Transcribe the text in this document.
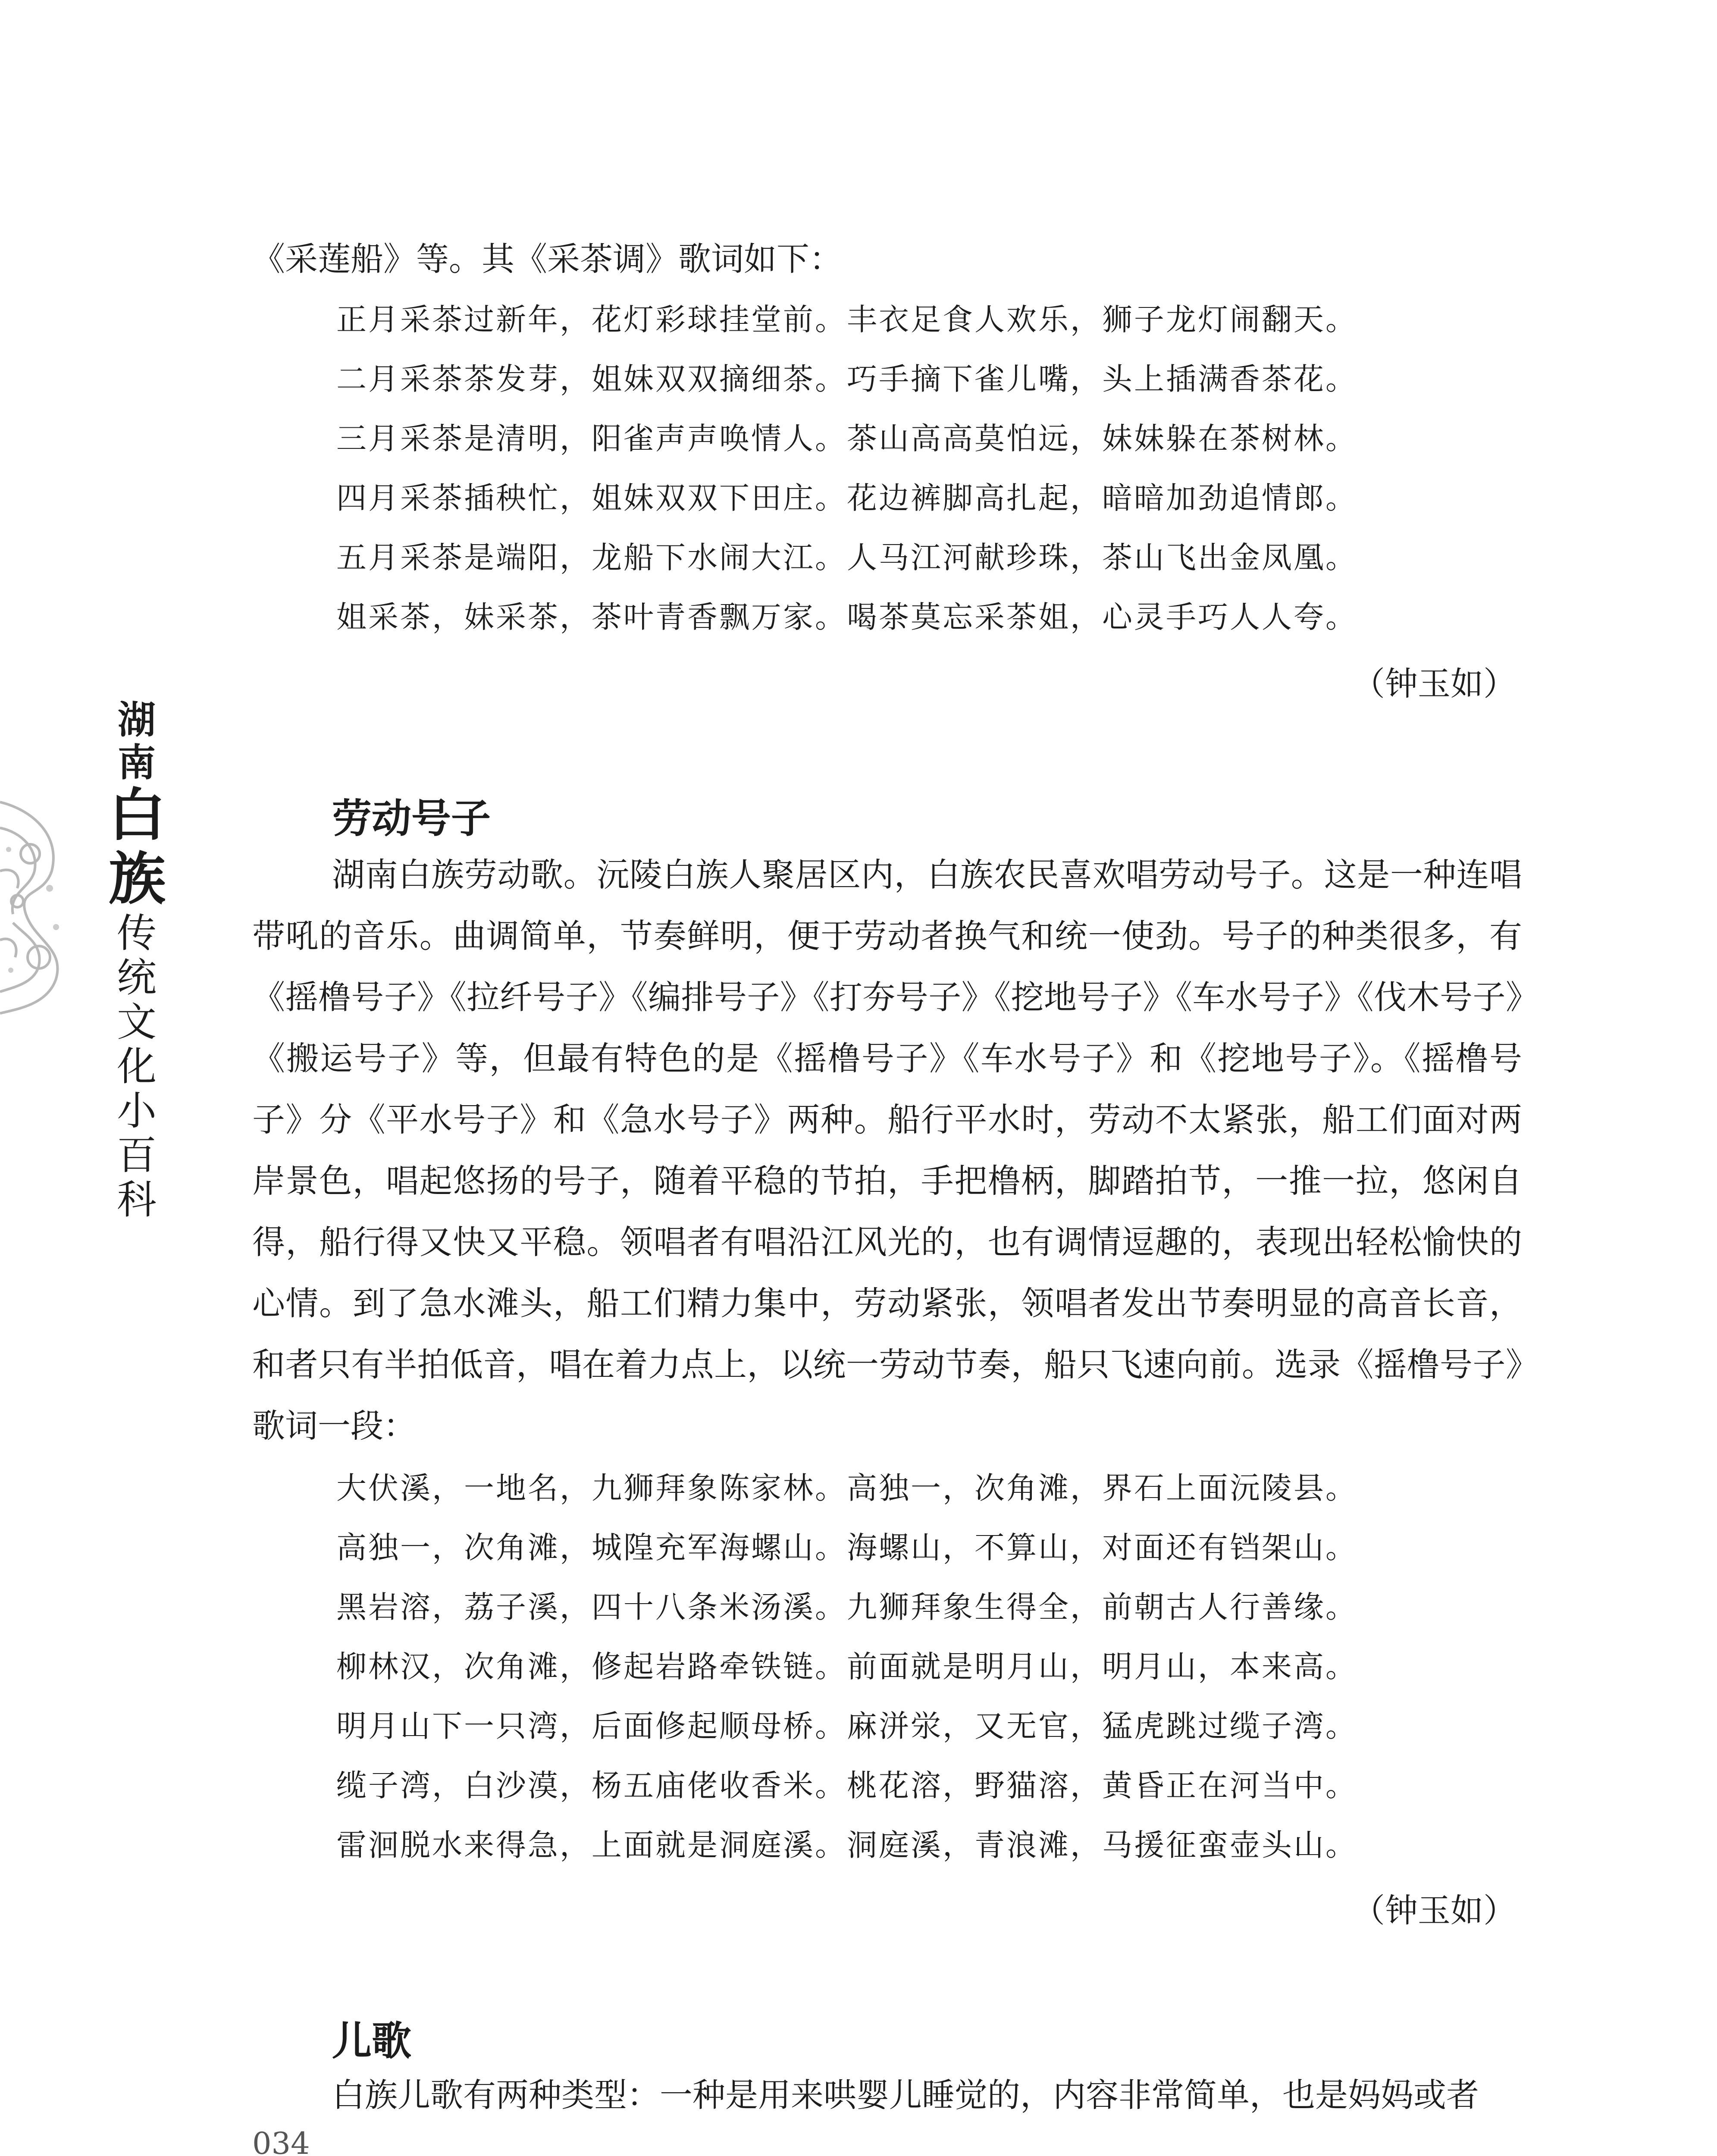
湖南
白族
传统文化小百科
《采莲船》等。其《采茶调》歌词如下：
正月采茶过新年，花灯彩球挂堂前。丰衣足食人欢乐，狮子龙灯闹翻天。
二月采茶茶发芽，姐妹双双摘细茶。巧手摘下雀儿嘴，头上插满香茶花。
三月采茶是清明，阳雀声声唤情人。茶山高高莫怕远，妹妹躲在茶树林。
四月采茶插秧忙，姐妹双双下田庄。花边裤脚高扎起，暗暗加劲追情郎。
五月采茶是端阳，龙船下水闹大江。人马江河献珍珠，茶山飞出金凤凰。
姐采茶，妹采茶，茶叶青香飘万家。喝茶莫忘采茶姐，心灵手巧人人夸。
（钟玉如）
劳动号子
湖南白族劳动歌。沅陵白族人聚居区内，白族农民喜欢唱劳动号子。这是一种连唱带吼的音乐。曲调简单，节奏鲜明，便于劳动者换气和统一使劲。号子的种类很多，有《摇橹号子》《拉纤号子》《编排号子》《打夯号子》《挖地号子》《车水号子》《伐木号子》《搬运号子》等，但最有特色的是《摇橹号子》《车水号子》和《挖地号子》。《摇橹号子》分《平水号子》和《急水号子》两种。船行平水时，劳动不太紧张，船工们面对两岸景色，唱起悠扬的号子，随着平稳的节拍，手把橹柄，脚踏拍节，一推一拉，悠闲自得，船行得又快又平稳。领唱者有唱沿江风光的，也有调情逗趣的，表现出轻松愉快的心情。到了急水滩头，船工们精力集中，劳动紧张，领唱者发出节奏明显的高音长音，和者只有半拍低音，唱在着力点上，以统一劳动节奏，船只飞速向前。选录《摇橹号子》歌词一段：
大伏溪，一地名，九狮拜象陈家林。高独一，次角滩，界石上面沅陵县。
高独一，次角滩，城隍充军海螺山。海螺山，不算山，对面还有铛架山。
黑岩溶，荔子溪，四十八条米汤溪。九狮拜象生得全，前朝古人行善缘。
柳林汉，次角滩，修起岩路牵铁链。前面就是明月山，明月山，本来高。
明月山下一只湾，后面修起顺母桥。麻洴泶，又无官，猛虎跳过缆子湾。
缆子湾，白沙漠，杨五庙佬收香米。桃花溶，野猫溶，黄昏正在河当中。
雷洄脱水来得急，上面就是洞庭溪。洞庭溪，青浪滩，马援征蛮壶头山。
（钟玉如）
儿歌
白族儿歌有两种类型：一种是用来哄婴儿睡觉的，内容非常简单，也是妈妈或者
034
